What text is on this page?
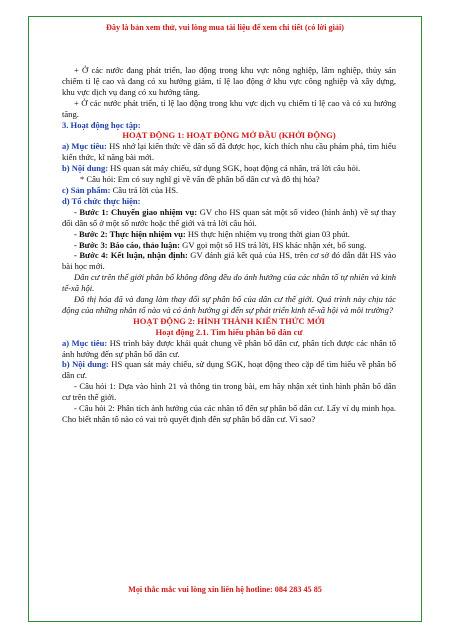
Đây là bản xem thử, vui lòng mua tài liệu để xem chi tiết (có lời giải)

+ Ở các nước đang phát triển, lao động trong khu vực nông nghiệp, lâm nghiệp, thủy sản chiếm tỉ lệ cao và đang có xu hướng giảm, tỉ lệ lao động ở khu vực công nghiệp và xây dựng, khu vực dịch vụ đang có xu hướng tăng.

+ Ở các nước phát triển, tỉ lệ lao động trong khu vực dịch vụ chiếm tỉ lệ cao và có xu hướng tăng.

3. Hoạt động học tập:

HOẠT ĐỘNG 1: HOẠT ĐỘNG MỞ ĐẦU (KHỞI ĐỘNG)

a) Mục tiêu: HS nhớ lại kiến thức về dân số đã được học, kích thích nhu cầu phám phá, tìm hiểu kiến thức, kĩ năng bài mới.

b) Nội dung: HS quan sát máy chiếu, sử dụng SGK, hoạt động cá nhân, trả lời câu hỏi.

* Câu hỏi: Em có suy nghĩ gì về vấn đề phân bố dân cư và đô thị hóa?

c) Sản phẩm: Câu trả lời của HS.

d) Tổ chức thực hiện:

- Bước 1: Chuyển giao nhiệm vụ: GV cho HS quan sát một số video (hình ảnh) về sự thay đổi dân số ở một số nước hoặc thế giới và trả lời câu hỏi.

- Bước 2: Thực hiện nhiệm vụ: HS thực hiện nhiệm vụ trong thời gian 03 phút.

- Bước 3: Báo cáo, thảo luận: GV gọi một số HS trả lời, HS khác nhận xét, bổ sung.

- Bước 4: Kết luận, nhận định: GV đánh giá kết quả của HS, trên cơ sở đó dẫn dắt HS vào bài học mới.

Dân cư trên thế giới phân bố không đồng đều do ảnh hưởng của các nhân tố tự nhiên và kinh tế-xã hội.

Đô thị hóa đã và đang làm thay đổi sự phân bố của dân cư thế giới. Quá trình này chịu tác động của những nhân tố nào và có ảnh hưởng gì đến sự phát triển kinh tế-xã hội và môi trường?

HOẠT ĐỘNG 2: HÌNH THÀNH KIẾN THỨC MỚI

Hoạt động 2.1. Tìm hiểu phân bố dân cư

a) Mục tiêu: HS trình bày được khái quát chung về phân bố dân cư, phân tích được các nhân tố ảnh hưởng đến sự phân bố dân cư.

b) Nội dung: HS quan sát máy chiếu, sử dụng SGK, hoạt động theo cặp để tìm hiểu về phân bố dân cư.

- Câu hỏi 1: Dựa vào hình 21 và thông tin trong bài, em hãy nhận xét tình hình phân bố dân cư trên thế giới.

- Câu hỏi 2: Phân tích ảnh hưởng của các nhân tố đến sự phân bố dân cư. Lấy ví dụ minh họa. Cho biết nhân tố nào có vai trò quyết định đến sự phân bố dân cư. Vì sao?

Mọi thắc mắc vui lòng xin liên hệ hotline: 084 283 45 85
